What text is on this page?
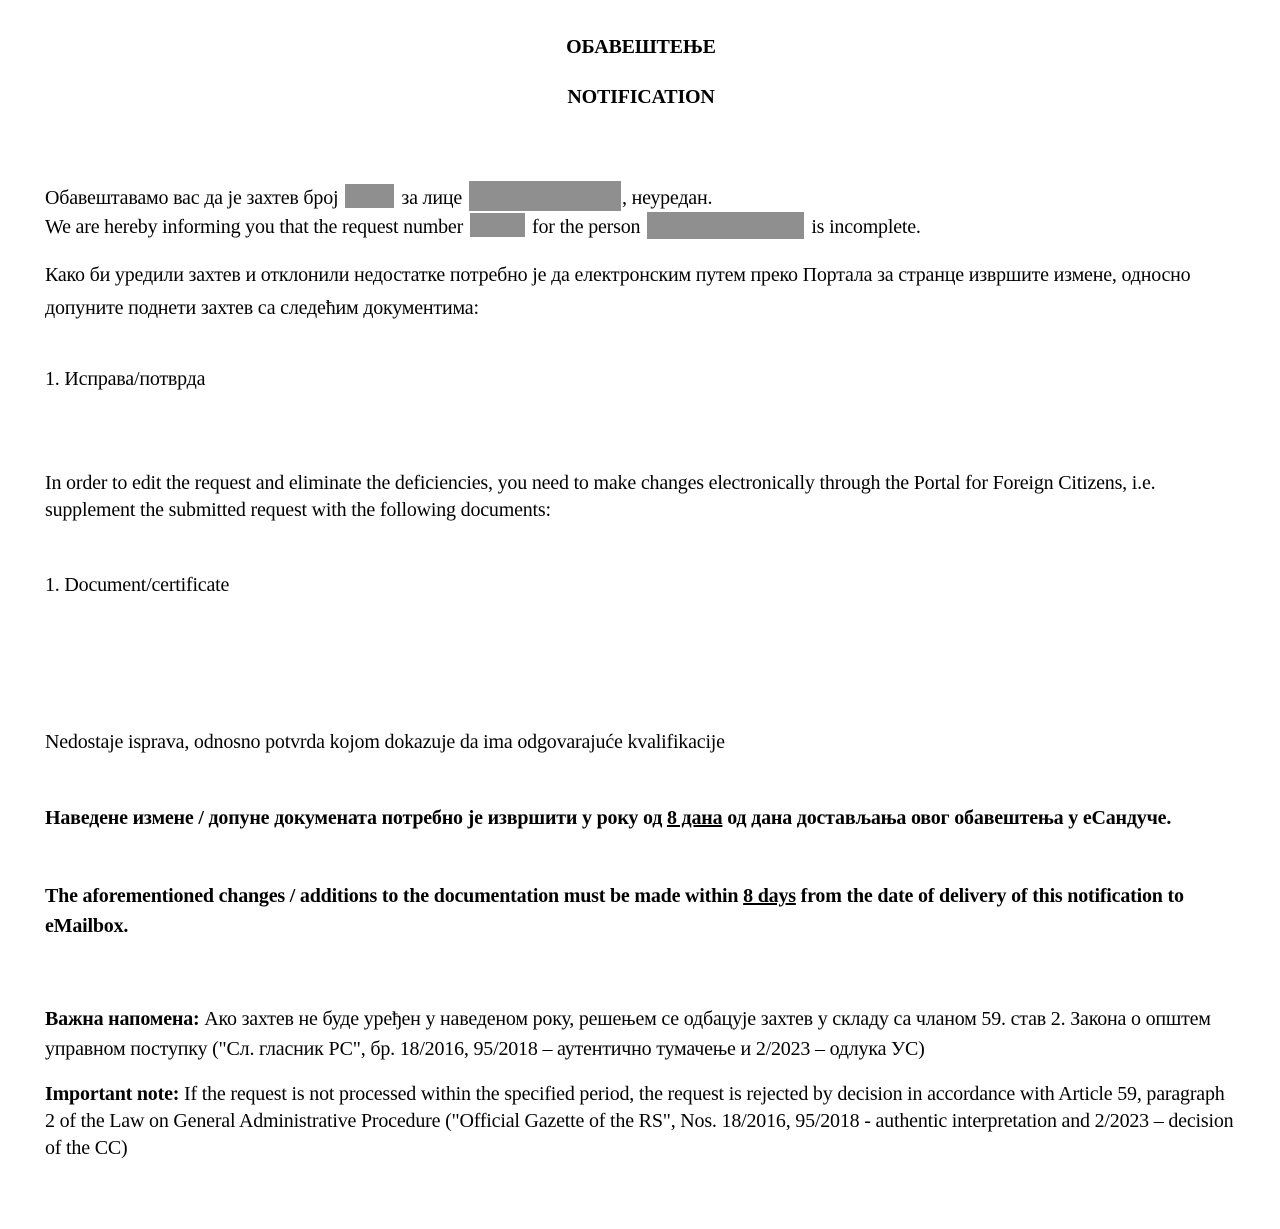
ОБАВЕШТЕЊЕ
NOTIFICATION
Обавештавамо вас да је захтев број	за лице	, неуредан.
We are hereby informing you that the request number	for the person	is incomplete.
Како би уредили захтев и отклонили недостатке потребно је да електронским путем преко Портала за странце извршите измене, односно допуните поднети захтев са следећим документима:
1. Исправа/потврда
In order to edit the request and eliminate the deficiencies, you need to make changes electronically through the Portal for Foreign Citizens, i.e. supplement the submitted request with the following documents:
1. Document/certificate
Nedostaje isprava, odnosno potvrda kojom dokazuje da ima odgovarajuće kvalifikacije
Наведене измене / допуне докумената потребно је извршити у року од 8 дана од дана достављања овог обавештења у еСандуче.
The aforementioned changes / additions to the documentation must be made within 8 days from the date of delivery of this notification to eMailbox.
Важна напомена: Ако захтев не буде уређен у наведеном року, решењем се одбацује захтев у складу са чланом 59. став 2. Закона о општем управном поступку ("Сл. гласник РС", бр. 18/2016, 95/2018 – аутентично тумачење и 2/2023 – одлука УС)
Important note: If the request is not processed within the specified period, the request is rejected by decision in accordance with Article 59, paragraph 2 of the Law on General Administrative Procedure ("Official Gazette of the RS", Nos. 18/2016, 95/2018 - authentic interpretation and 2/2023 – decision of the CC)
